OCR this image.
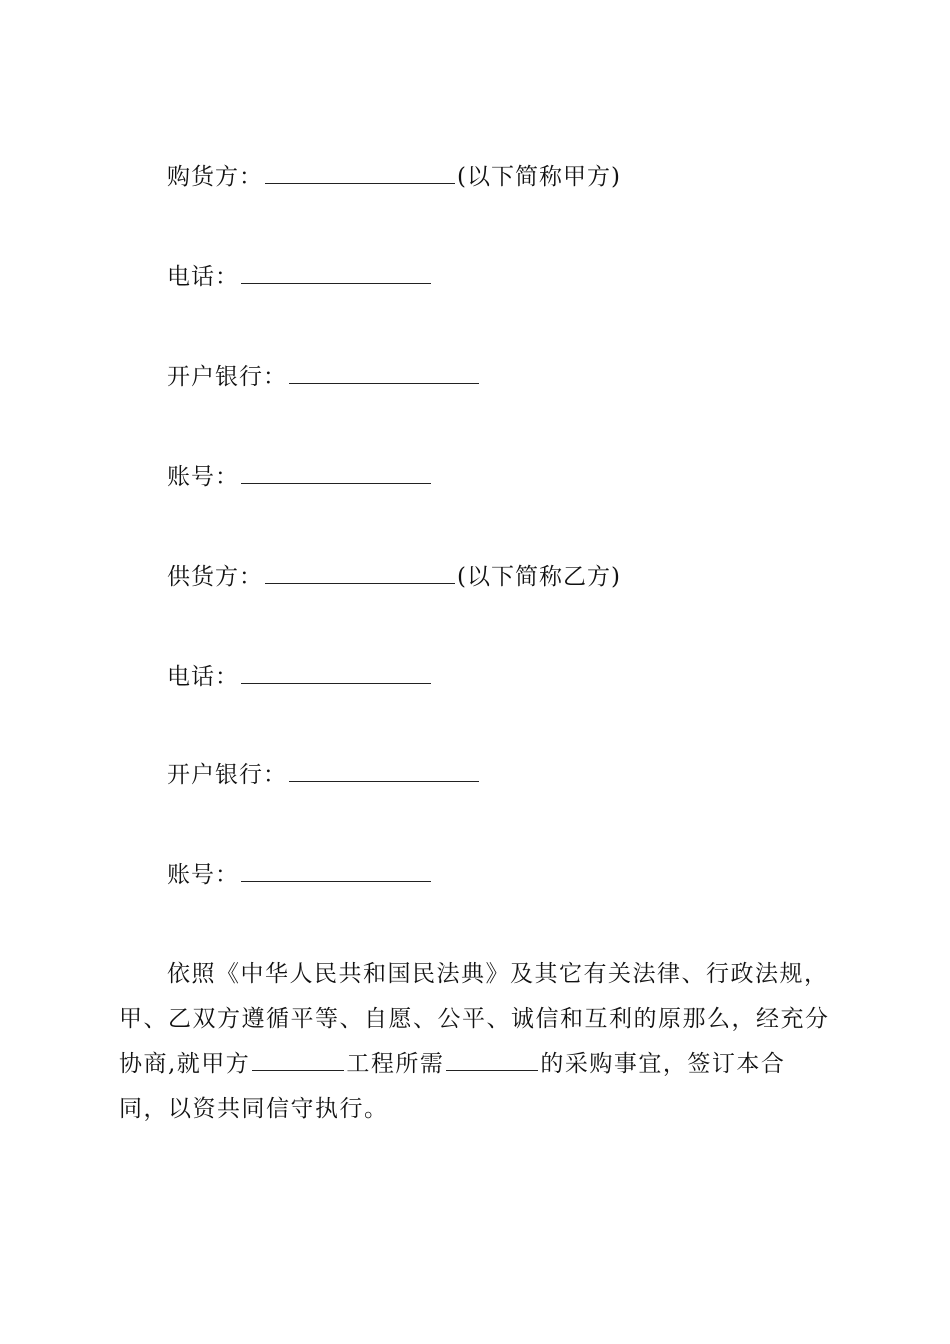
购货方：	(以下简称甲方)
电话：
开户银行：
账号：
供货方：	(以下简称乙方)
电话：
开户银行：
账号：
依照《中华人民共和国民法典》及其它有关法律、行政法规，甲、乙双方遵循平等、自愿、公平、诚信和互利的原那么，经充分协商,就甲方	工程所需	的采购事宜，签订本合同，以资共同信守执行。
